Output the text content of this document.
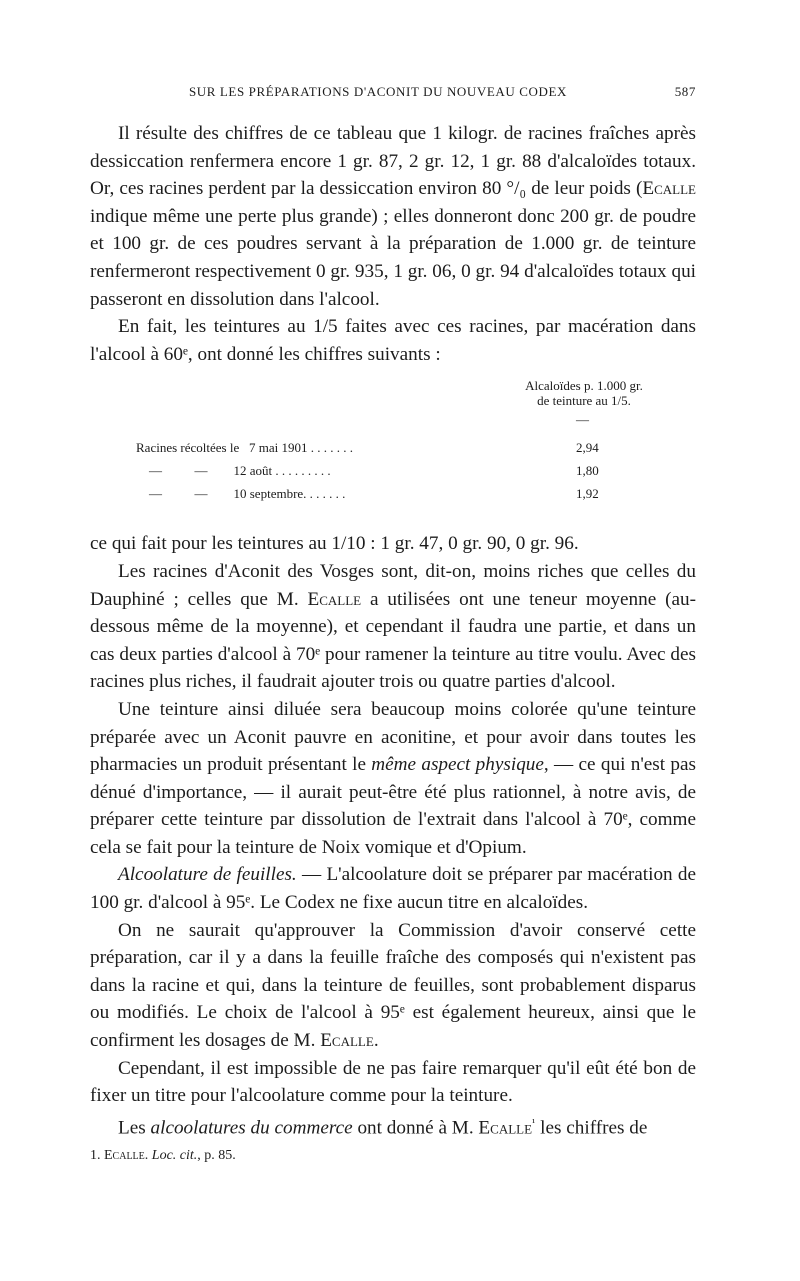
SUR LES PRÉPARATIONS D'ACONIT DU NOUVEAU CODEX	587

Il résulte des chiffres de ce tableau que 1 kilogr. de racines fraîches après dessiccation renfermera encore 1 gr. 87, 2 gr. 12, 1 gr. 88 d'alcaloïdes totaux. Or, ces racines perdent par la dessiccation environ 80 °/₀ de leur poids (Ecalle indique même une perte plus grande) ; elles donneront donc 200 gr. de poudre et 100 gr. de ces poudres servant à la préparation de 1.000 gr. de teinture renfermeront respectivement 0 gr. 935, 1 gr. 06, 0 gr. 94 d'alcaloïdes totaux qui passeront en dissolution dans l'alcool.

En fait, les teintures au 1/5 faites avec ces racines, par macération dans l'alcool à 60ᵉ, ont donné les chiffres suivants :

Alcaloïdes p. 1.000 gr.
de teinture au 1/5.
—
Racines récoltées le   7 mai 1901 . . . . . . .	2,94
—          —        12 août . . . . . . . . .	1,80
—          —        10 septembre. . . . . . .	1,92

ce qui fait pour les teintures au 1/10 : 1 gr. 47, 0 gr. 90, 0 gr. 96.

Les racines d'Aconit des Vosges sont, dit-on, moins riches que celles du Dauphiné ; celles que M. Ecalle a utilisées ont une teneur moyenne (au-dessous même de la moyenne), et cependant il faudra une partie, et dans un cas deux parties d'alcool à 70ᵉ pour ramener la teinture au titre voulu. Avec des racines plus riches, il faudrait ajouter trois ou quatre parties d'alcool.

Une teinture ainsi diluée sera beaucoup moins colorée qu'une teinture préparée avec un Aconit pauvre en aconitine, et pour avoir dans toutes les pharmacies un produit présentant le même aspect physique, — ce qui n'est pas dénué d'importance, — il aurait peut-être été plus rationnel, à notre avis, de préparer cette teinture par dissolution de l'extrait dans l'alcool à 70ᵉ, comme cela se fait pour la teinture de Noix vomique et d'Opium.

Alcoolature de feuilles. — L'alcoolature doit se préparer par macération de 100 gr. d'alcool à 95ᵉ. Le Codex ne fixe aucun titre en alcaloïdes.

On ne saurait qu'approuver la Commission d'avoir conservé cette préparation, car il y a dans la feuille fraîche des composés qui n'existent pas dans la racine et qui, dans la teinture de feuilles, sont probablement disparus ou modifiés. Le choix de l'alcool à 95ᵉ est également heureux, ainsi que le confirment les dosages de M. Ecalle.

Cependant, il est impossible de ne pas faire remarquer qu'il eût été bon de fixer un titre pour l'alcoolature comme pour la teinture.

Les alcoolatures du commerce ont donné à M. Ecalle$^{^1}$ les chiffres de

1. Ecalle. Loc. cit., p. 85.
